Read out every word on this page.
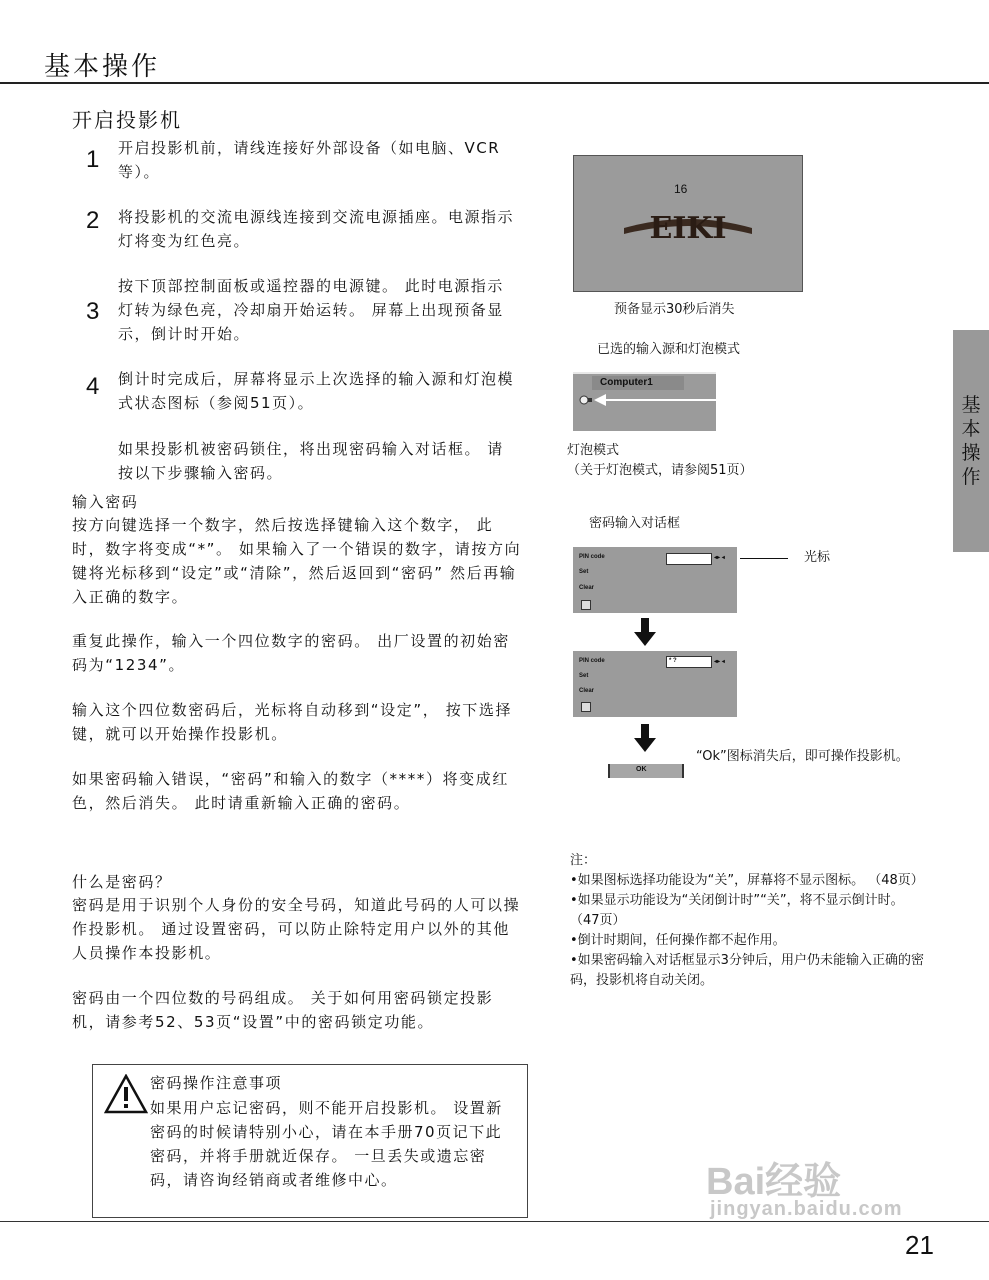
基本操作
开启投影机
1 开启投影机前，请线连接好外部设备（如电脑、VCR等）。
2 将投影机的交流电源线连接到交流电源插座。电源指示灯将变为红色亮。
3
按下顶部控制面板或遥控器的电源键。 此时电源指示灯转为绿色亮，冷却扇开始运转。 屏幕上出现预备显示，倒计时开始。
4 倒计时完成后，屏幕将显示上次选择的输入源和灯泡模式状态图标（参阅51页）。
如果投影机被密码锁住，将出现密码输入对话框。 请按以下步骤输入密码。
输入密码
按方向键选择一个数字，然后按选择键输入这个数字， 此时，数字将变成“*”。 如果输入了一个错误的数字，请按方向键将光标移到“设定”或“清除”，然后返回到“密码” 然后再输入正确的数字。
重复此操作，输入一个四位数字的密码。 出厂设置的初始密码为“1234”。
输入这个四位数密码后，光标将自动移到“设定”， 按下选择键，就可以开始操作投影机。
如果密码输入错误，“密码”和输入的数字（****）将变成红色，然后消失。 此时请重新输入正确的密码。
什么是密码？
密码是用于识别个人身份的安全号码，知道此号码的人可以操作投影机。 通过设置密码，可以防止除特定用户以外的其他人员操作本投影机。
密码由一个四位数的号码组成。 关于如何用密码锁定投影机，请参考52、53页“设置”中的密码锁定功能。
密码操作注意事项
如果用户忘记密码，则不能开启投影机。 设置新密码的时候请特别小心，请在本手册70页记下此密码，并将手册就近保存。 一旦丢失或遗忘密码，请咨询经销商或者维修中心。
16
EIKI
预备显示30秒后消失
已选的输入源和灯泡模式
Computer1
灯泡模式
（关于灯泡模式，请参阅51页）
密码输入对话框
PIN code	◂▸ ◂
Set
Clear
光标
PIN code	* ?	◂▸ ◂
Set
Clear
OK
“Ok”图标消失后，即可操作投影机。
注：
•如果图标选择功能设为“关”，屏幕将不显示图标。 （48页）
•如果显示功能设为“关闭倒计时”“关”，将不显示倒计时。 （47页）
•倒计时期间，任何操作都不起作用。
•如果密码输入对话框显示3分钟后，用户仍未能输入正确的密码，投影机将自动关闭。
基本操作
21
Bai经验
jingyan.baidu.com
